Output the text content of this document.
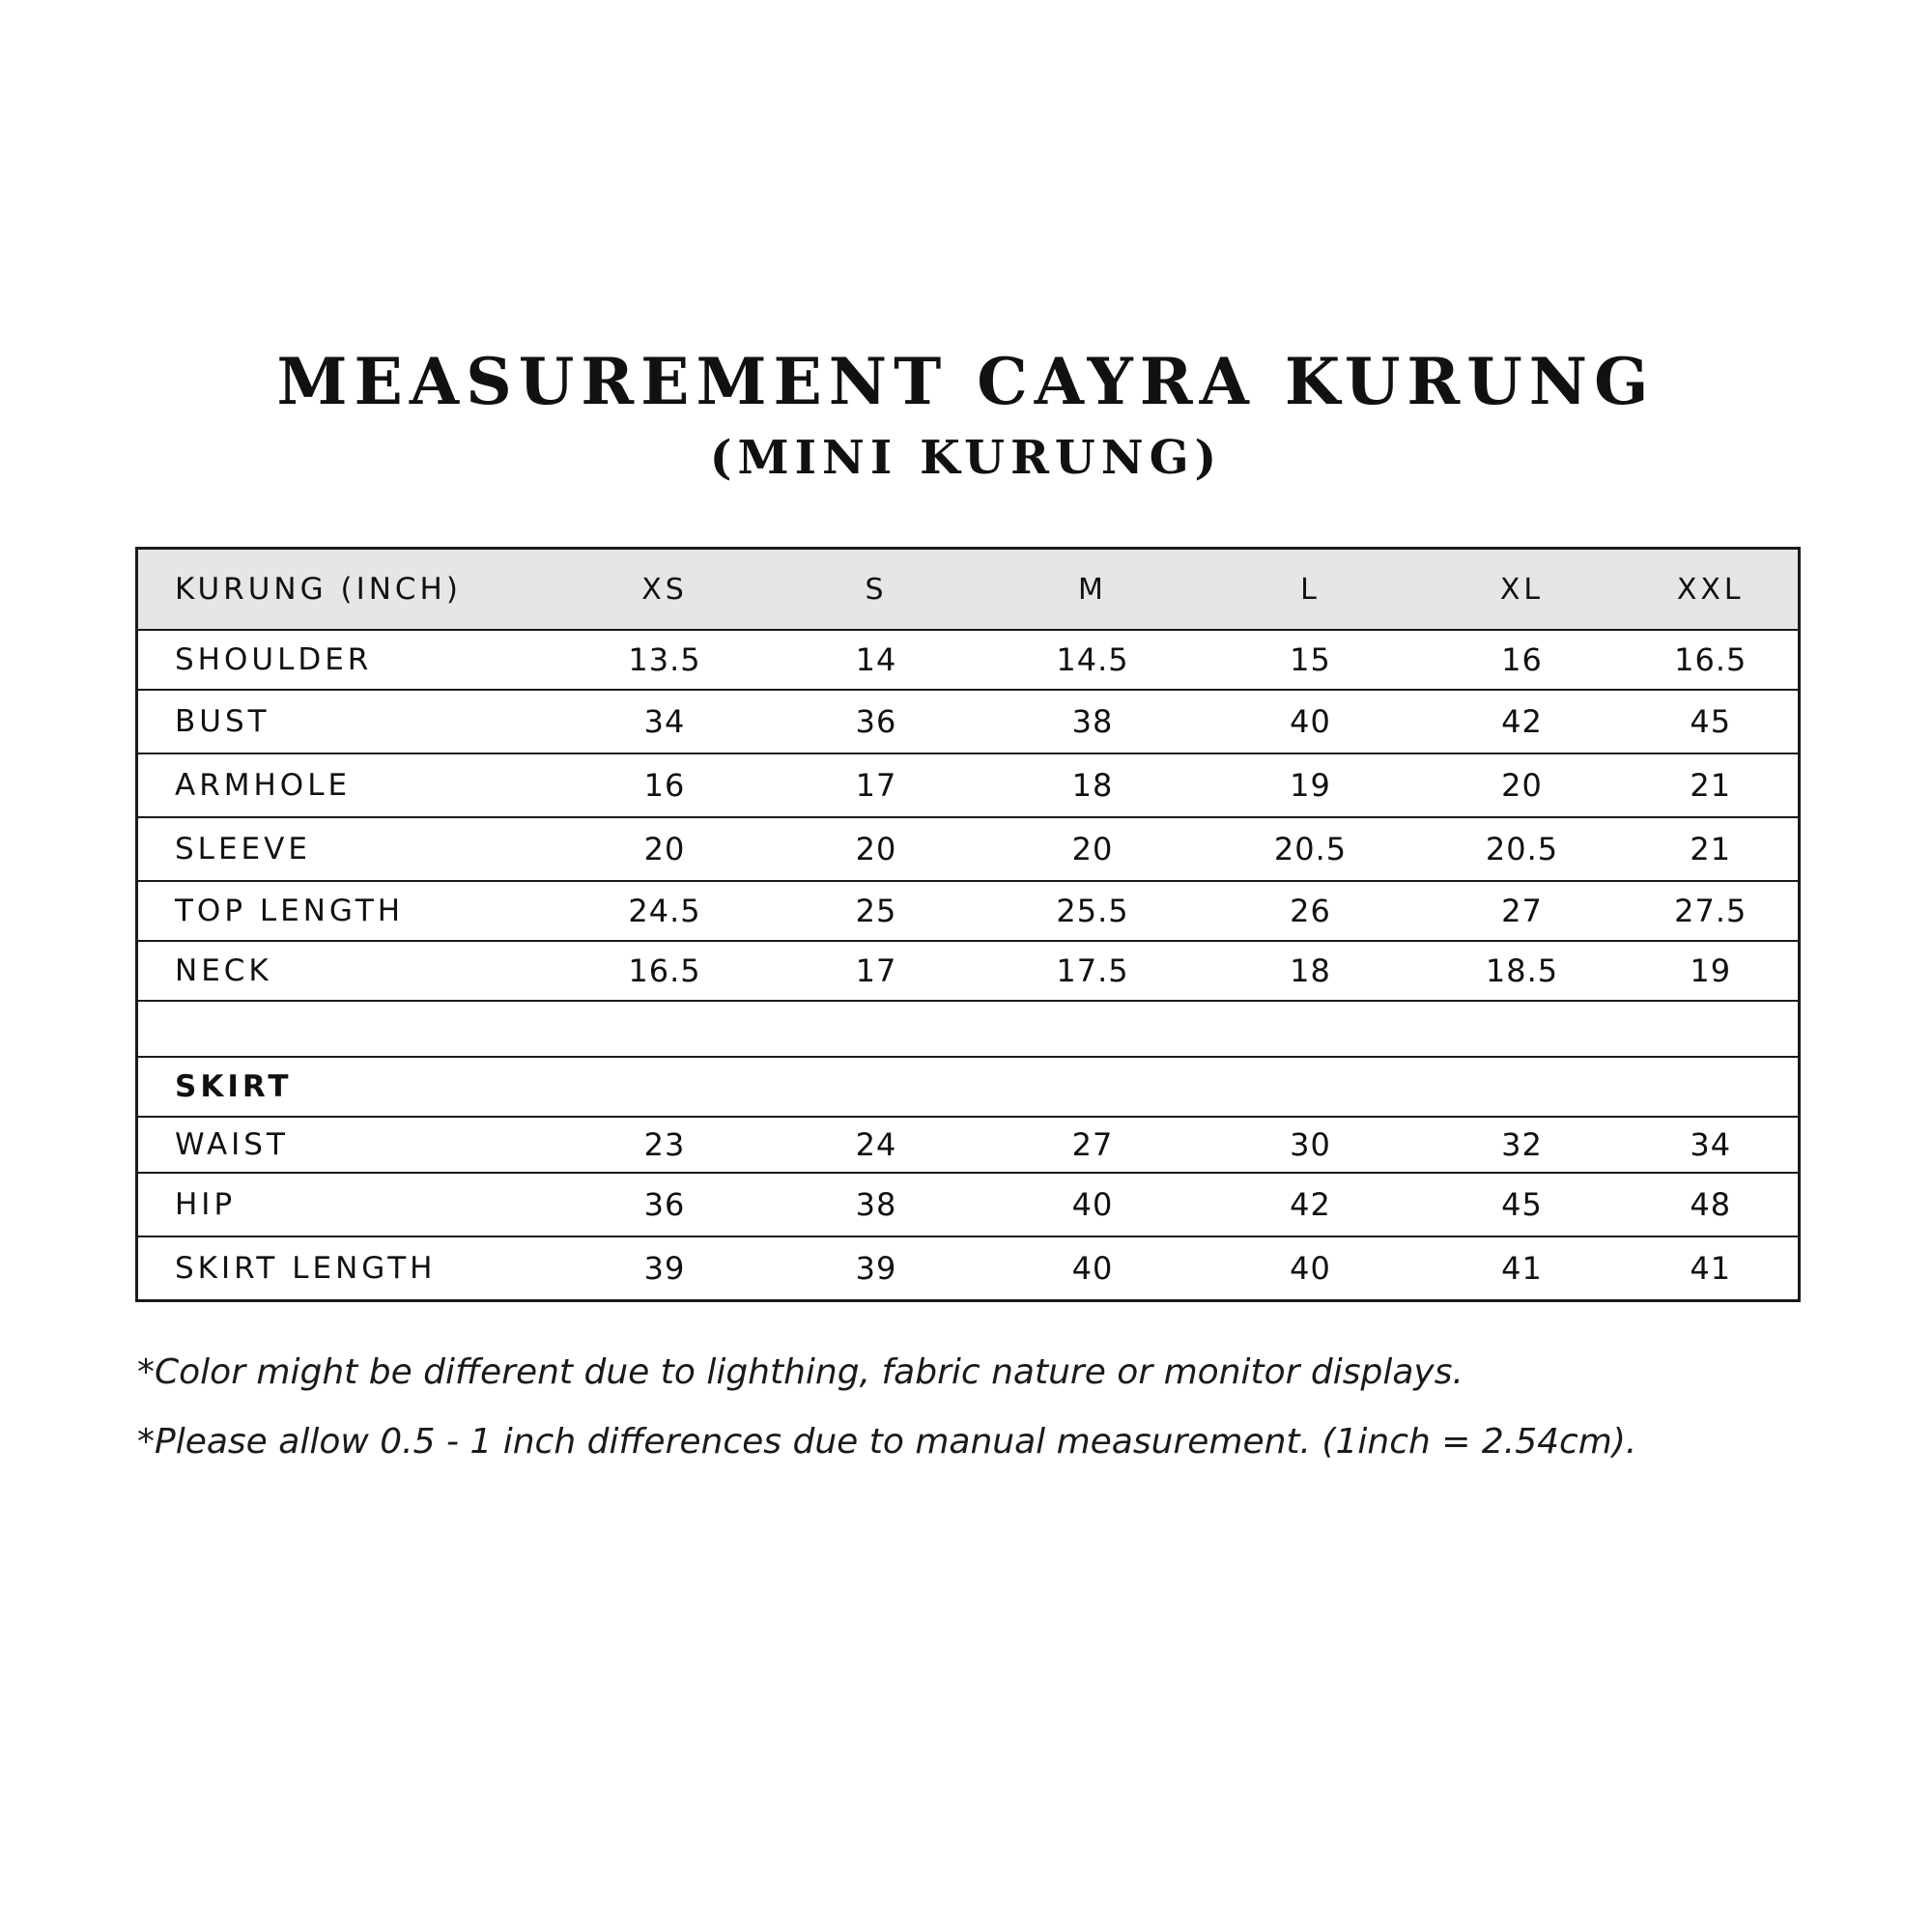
MEASUREMENT CAYRA KURUNG
(MINI KURUNG)
KURUNG (INCH)	XS	S	M	L	XL	XXL
SHOULDER	13.5	14	14.5	15	16	16.5
BUST	34	36	38	40	42	45
ARMHOLE	16	17	18	19	20	21
SLEEVE	20	20	20	20.5	20.5	21
TOP LENGTH	24.5	25	25.5	26	27	27.5
NECK	16.5	17	17.5	18	18.5	19

SKIRT						
WAIST	23	24	27	30	32	34
HIP	36	38	40	42	45	48
SKIRT LENGTH	39	39	40	40	41	41

*Color might be different due to lighthing, fabric nature or monitor displays.

*Please allow 0.5 - 1 inch differences due to manual measurement. (1inch = 2.54cm).
